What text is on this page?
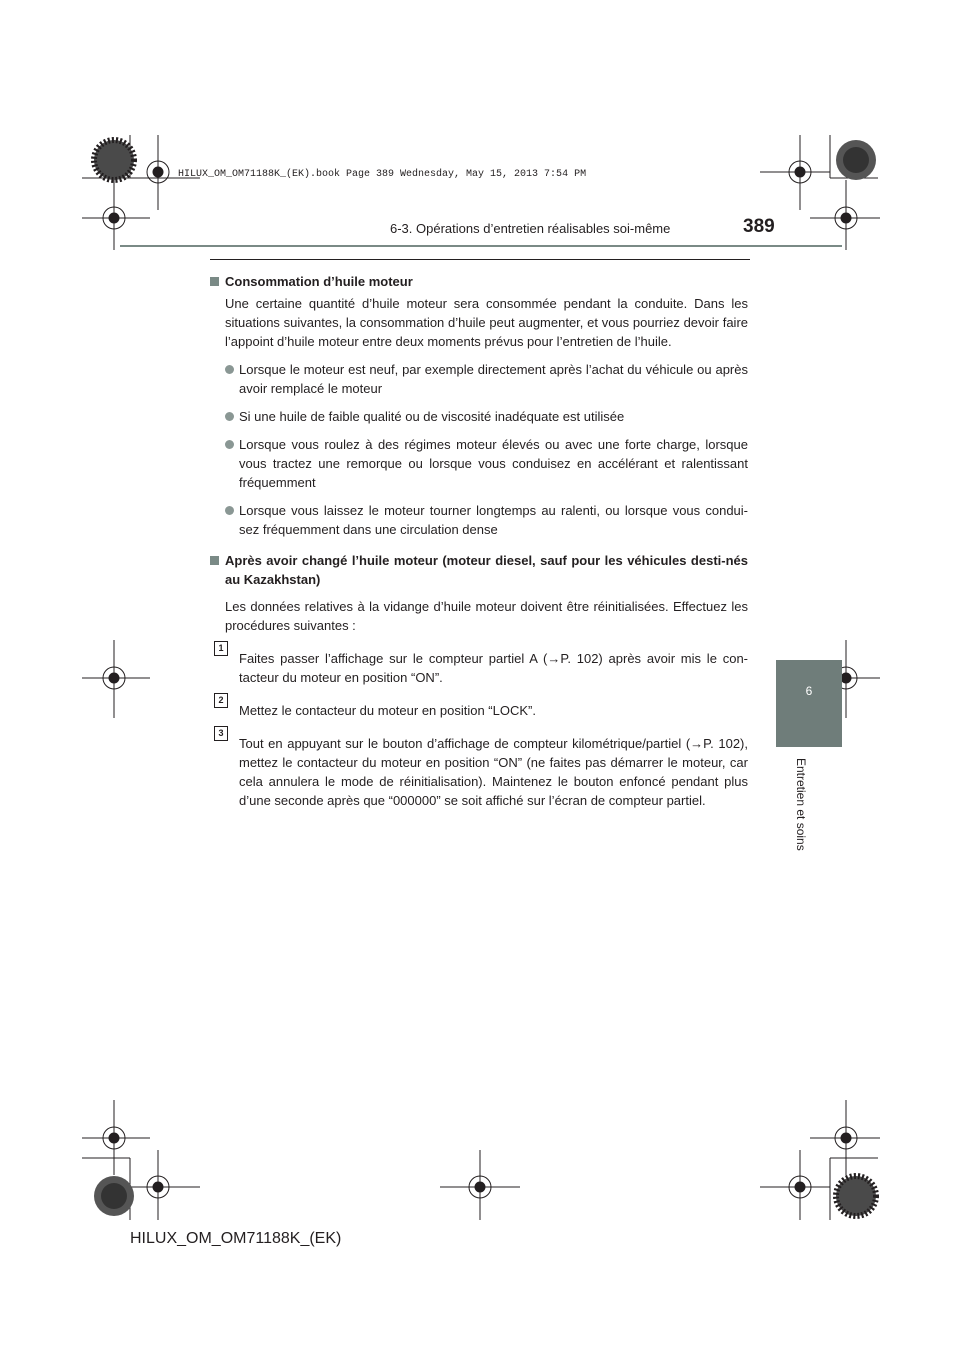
HILUX_OM_OM71188K_(EK).book Page 389 Wednesday, May 15, 2013 7:54 PM
6-3. Opérations d’entretien réalisables soi-même	389
6
Entretien et soins
Consommation d’huile moteur
Une certaine quantité d’huile moteur sera consommée pendant la conduite. Dans les situations suivantes, la consommation d’huile peut augmenter, et vous pourriez devoir faire l’appoint d’huile moteur entre deux moments prévus pour l’entretien de l’huile.
Lorsque le moteur est neuf, par exemple directement après l’achat du véhicule ou après avoir remplacé le moteur
Si une huile de faible qualité ou de viscosité inadéquate est utilisée
Lorsque vous roulez à des régimes moteur élevés ou avec une forte charge, lorsque vous tractez une remorque ou lorsque vous conduisez en accélérant et ralentissant fréquemment
Lorsque vous laissez le moteur tourner longtemps au ralenti, ou lorsque vous condui-sez fréquemment dans une circulation dense
Après avoir changé l’huile moteur (moteur diesel, sauf pour les véhicules desti-nés au Kazakhstan)
Les données relatives à la vidange d’huile moteur doivent être réinitialisées. Effectuez les procédures suivantes :
1
Faites passer l’affichage sur le compteur partiel A (→P. 102) après avoir mis le con-tacteur du moteur en position “ON”.
2
Mettez le contacteur du moteur en position “LOCK”.
3
Tout en appuyant sur le bouton d’affichage de compteur kilométrique/partiel (→P. 102), mettez le contacteur du moteur en position “ON” (ne faites pas démarrer le moteur, car cela annulera le mode de réinitialisation). Maintenez le bouton enfoncé pendant plus d’une seconde après que “000000” se soit affiché sur l’écran de compteur partiel.
HILUX_OM_OM71188K_(EK)
